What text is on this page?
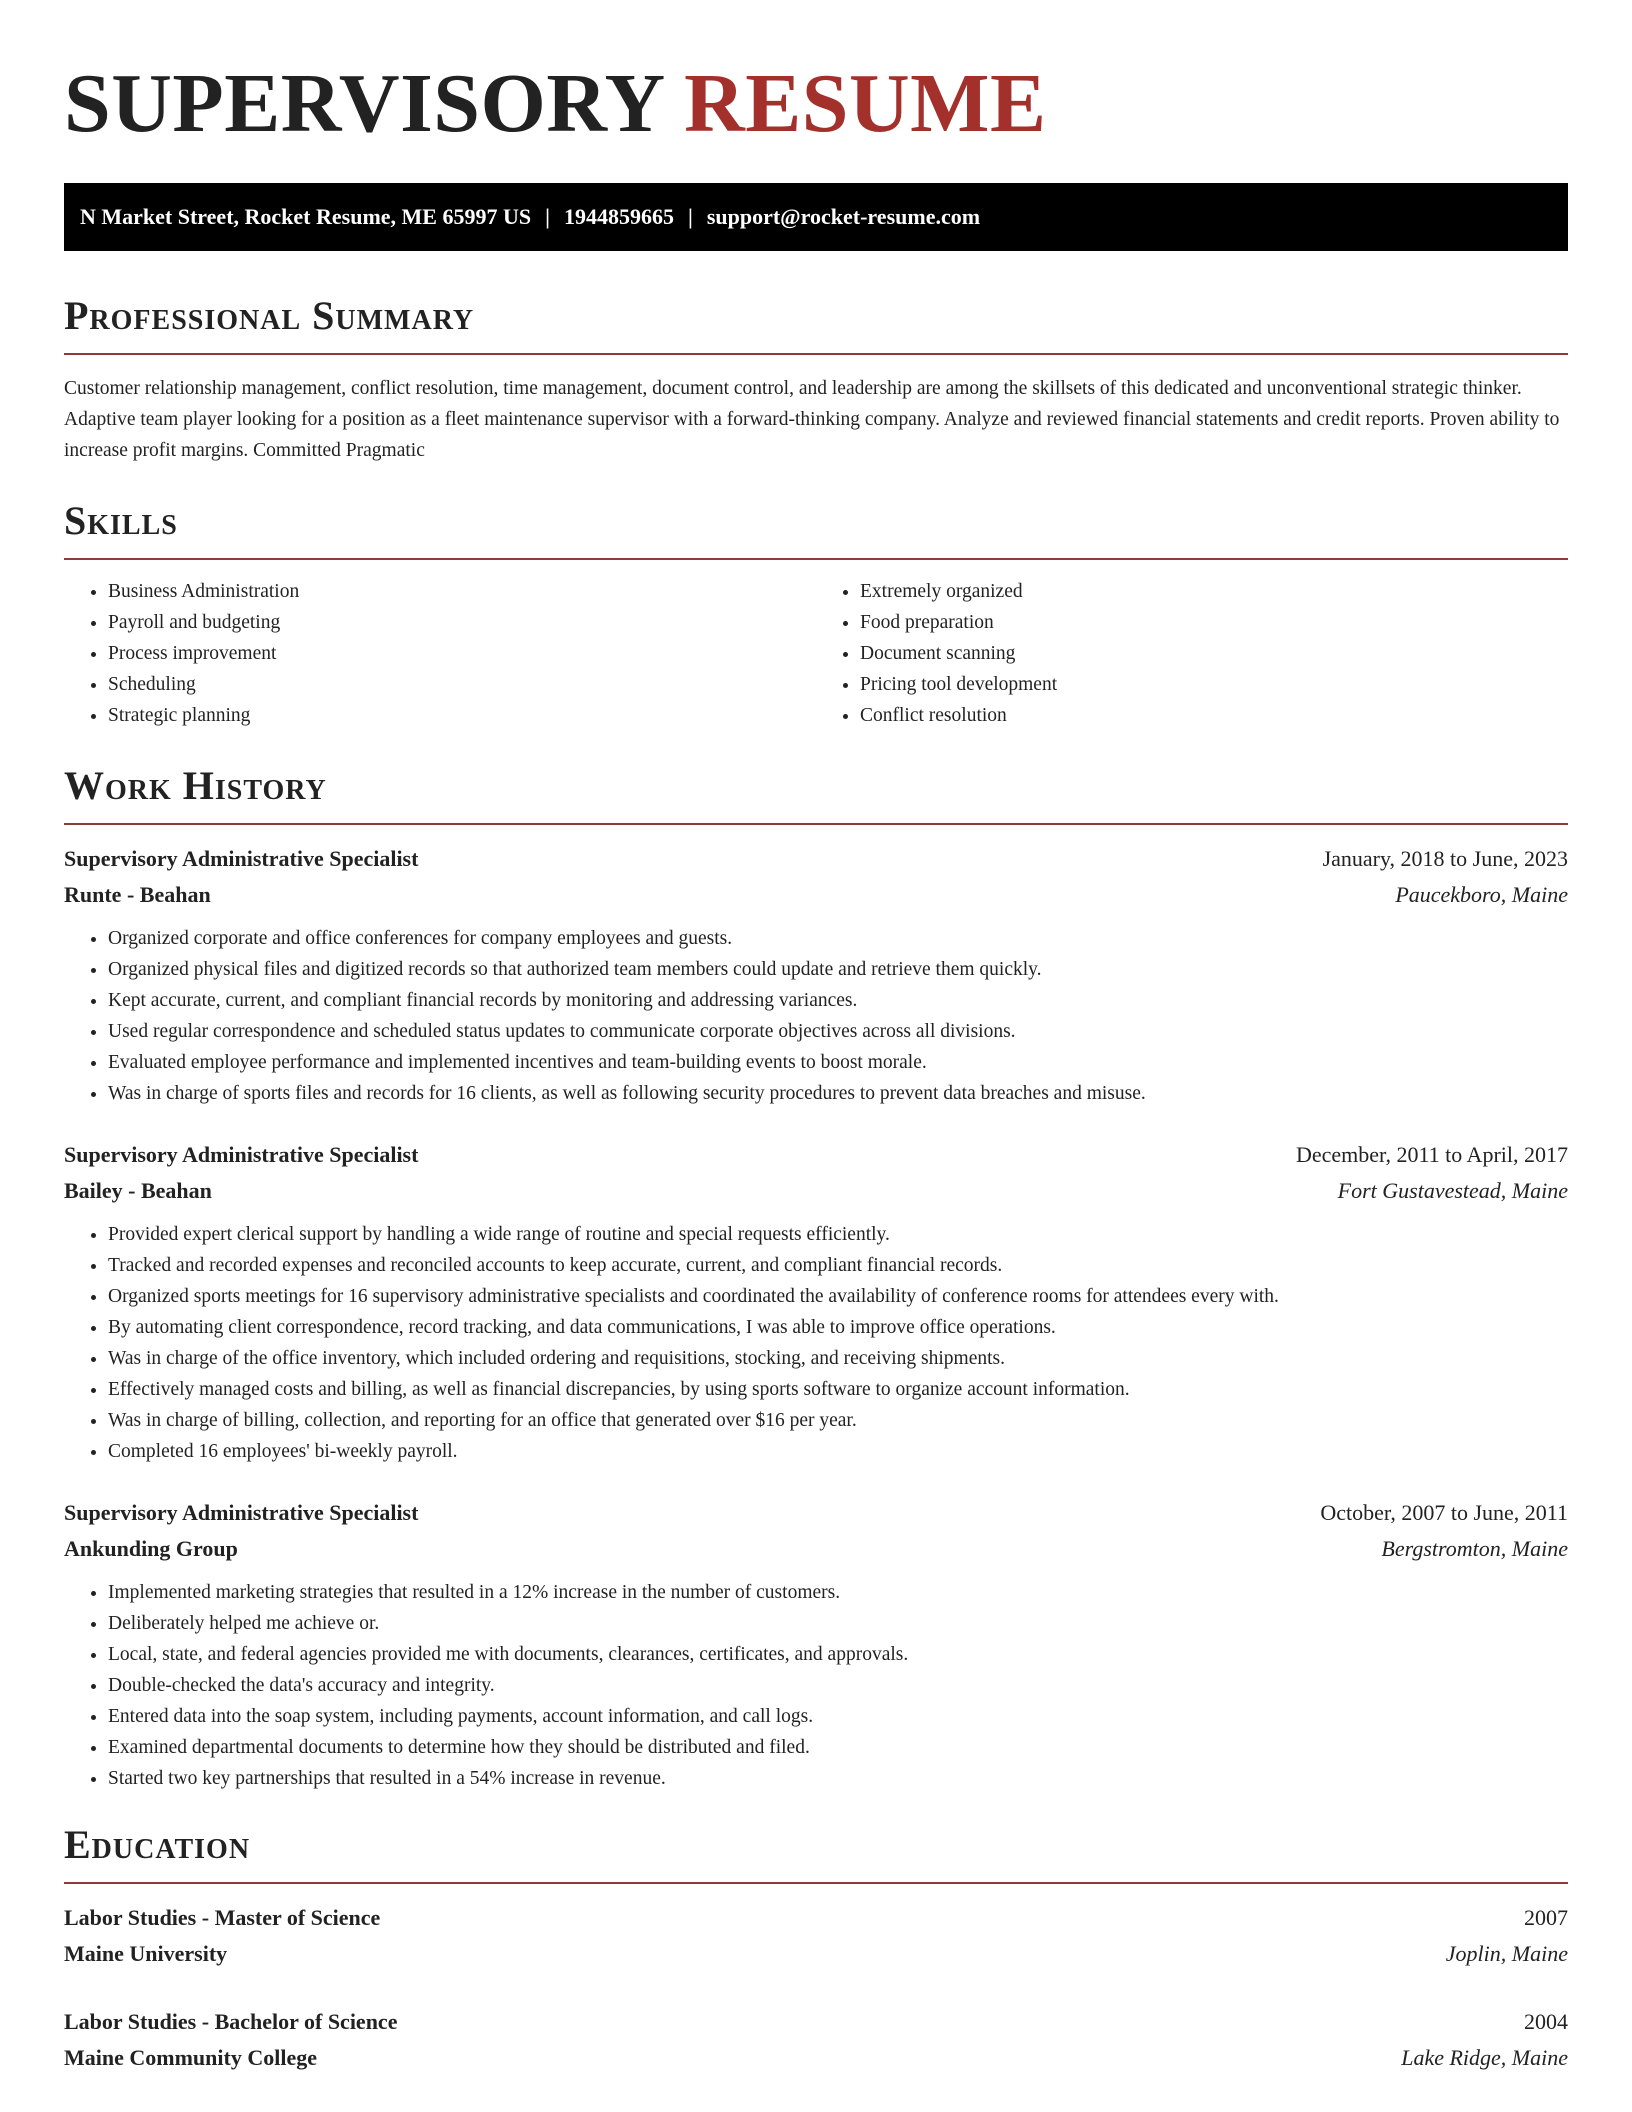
SUPERVISORY RESUME
N Market Street, Rocket Resume, ME 65997 US | 1944859665 | support@rocket-resume.com
Professional Summary

Customer relationship management, conflict resolution, time management, document control, and leadership are among the skillsets of this dedicated and unconventional strategic thinker. Adaptive team player looking for a position as a fleet maintenance supervisor with a forward-thinking company. Analyze and reviewed financial statements and credit reports. Proven ability to increase profit margins. Committed Pragmatic

Skills
• Business Administration
• Payroll and budgeting
• Process improvement
• Scheduling
• Strategic planning
• Extremely organized
• Food preparation
• Document scanning
• Pricing tool development
• Conflict resolution
Work History
Supervisory Administrative Specialist	January, 2018 to June, 2023
Runte - Beahan	Paucekboro, Maine
• Organized corporate and office conferences for company employees and guests.
• Organized physical files and digitized records so that authorized team members could update and retrieve them quickly.
• Kept accurate, current, and compliant financial records by monitoring and addressing variances.
• Used regular correspondence and scheduled status updates to communicate corporate objectives across all divisions.
• Evaluated employee performance and implemented incentives and team-building events to boost morale.
• Was in charge of sports files and records for 16 clients, as well as following security procedures to prevent data breaches and misuse.
Supervisory Administrative Specialist	December, 2011 to April, 2017
Bailey - Beahan	Fort Gustavestead, Maine
• Provided expert clerical support by handling a wide range of routine and special requests efficiently.
• Tracked and recorded expenses and reconciled accounts to keep accurate, current, and compliant financial records.
• Organized sports meetings for 16 supervisory administrative specialists and coordinated the availability of conference rooms for attendees every with.
• By automating client correspondence, record tracking, and data communications, I was able to improve office operations.
• Was in charge of the office inventory, which included ordering and requisitions, stocking, and receiving shipments.
• Effectively managed costs and billing, as well as financial discrepancies, by using sports software to organize account information.
• Was in charge of billing, collection, and reporting for an office that generated over $16 per year.
• Completed 16 employees' bi-weekly payroll.
Supervisory Administrative Specialist	October, 2007 to June, 2011
Ankunding Group	Bergstromton, Maine
• Implemented marketing strategies that resulted in a 12% increase in the number of customers.
• Deliberately helped me achieve or.
• Local, state, and federal agencies provided me with documents, clearances, certificates, and approvals.
• Double-checked the data's accuracy and integrity.
• Entered data into the soap system, including payments, account information, and call logs.
• Examined departmental documents to determine how they should be distributed and filed.
• Started two key partnerships that resulted in a 54% increase in revenue.
Education
Labor Studies - Master of Science	2007
Maine University	Joplin, Maine
Labor Studies - Bachelor of Science	2004
Maine Community College	Lake Ridge, Maine
